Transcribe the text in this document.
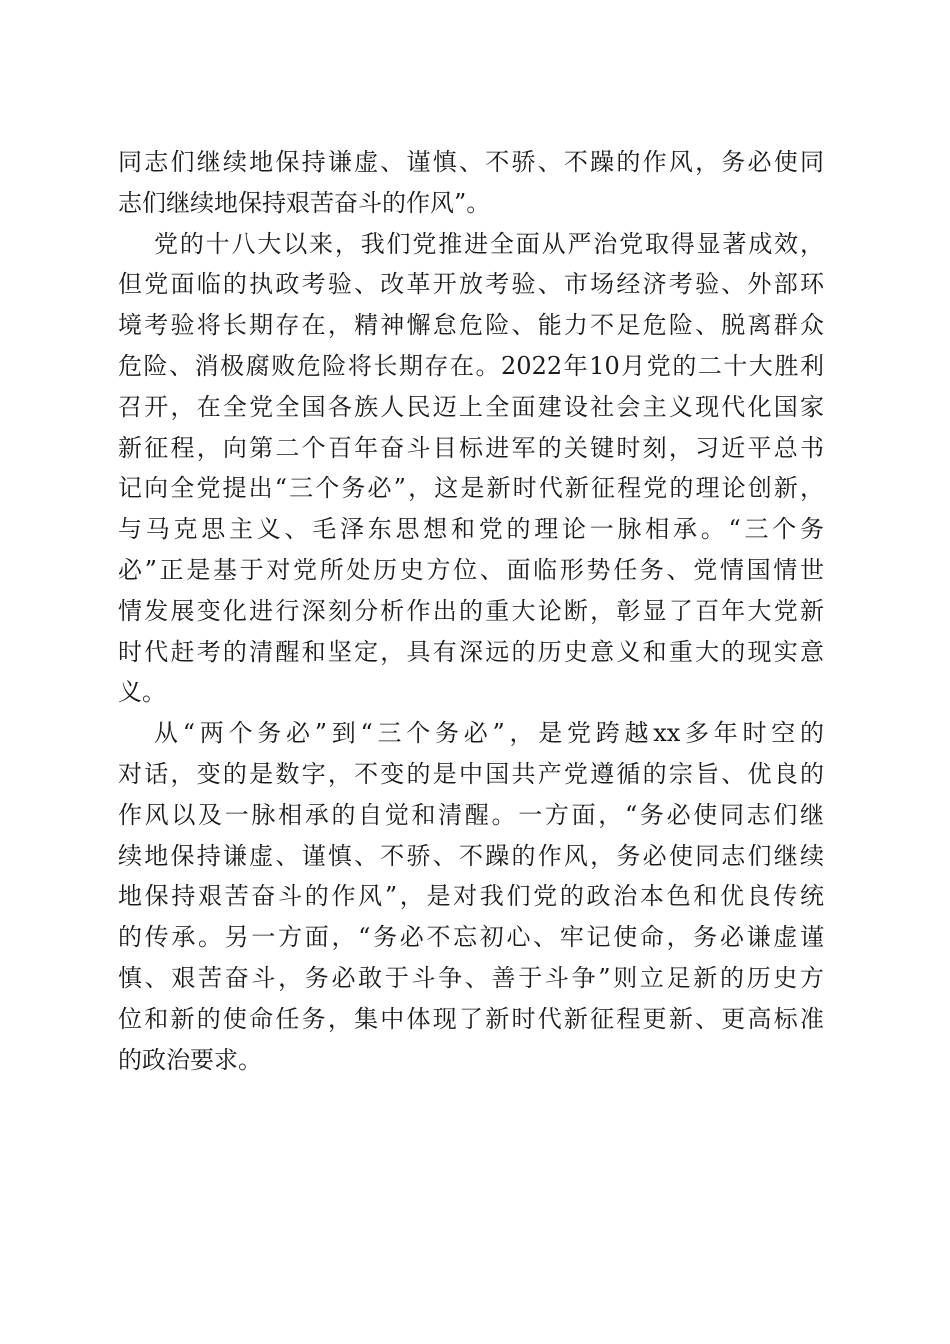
同志们继续地保持谦虚、谨慎、不骄、不躁的作风，务必使同
志们继续地保持艰苦奋斗的作风”。
党的十八大以来，我们党推进全面从严治党取得显著成效，
但党面临的执政考验、改革开放考验、市场经济考验、外部环
境考验将长期存在，精神懈怠危险、能力不足危险、脱离群众
危险、消极腐败危险将长期存在。2022年10月党的二十大胜利
召开，在全党全国各族人民迈上全面建设社会主义现代化国家
新征程，向第二个百年奋斗目标进军的关键时刻，习近平总书
记向全党提出“三个务必”，这是新时代新征程党的理论创新，
与马克思主义、毛泽东思想和党的理论一脉相承。“三个务
必”正是基于对党所处历史方位、面临形势任务、党情国情世
情发展变化进行深刻分析作出的重大论断，彰显了百年大党新
时代赶考的清醒和坚定，具有深远的历史意义和重大的现实意
义。
从“两个务必”到“三个务必”，是党跨越xx多年时空的
对话，变的是数字，不变的是中国共产党遵循的宗旨、优良的
作风以及一脉相承的自觉和清醒。一方面，“务必使同志们继
续地保持谦虚、谨慎、不骄、不躁的作风，务必使同志们继续
地保持艰苦奋斗的作风”，是对我们党的政治本色和优良传统
的传承。另一方面，“务必不忘初心、牢记使命，务必谦虚谨
慎、艰苦奋斗，务必敢于斗争、善于斗争”则立足新的历史方
位和新的使命任务，集中体现了新时代新征程更新、更高标准
的政治要求。
